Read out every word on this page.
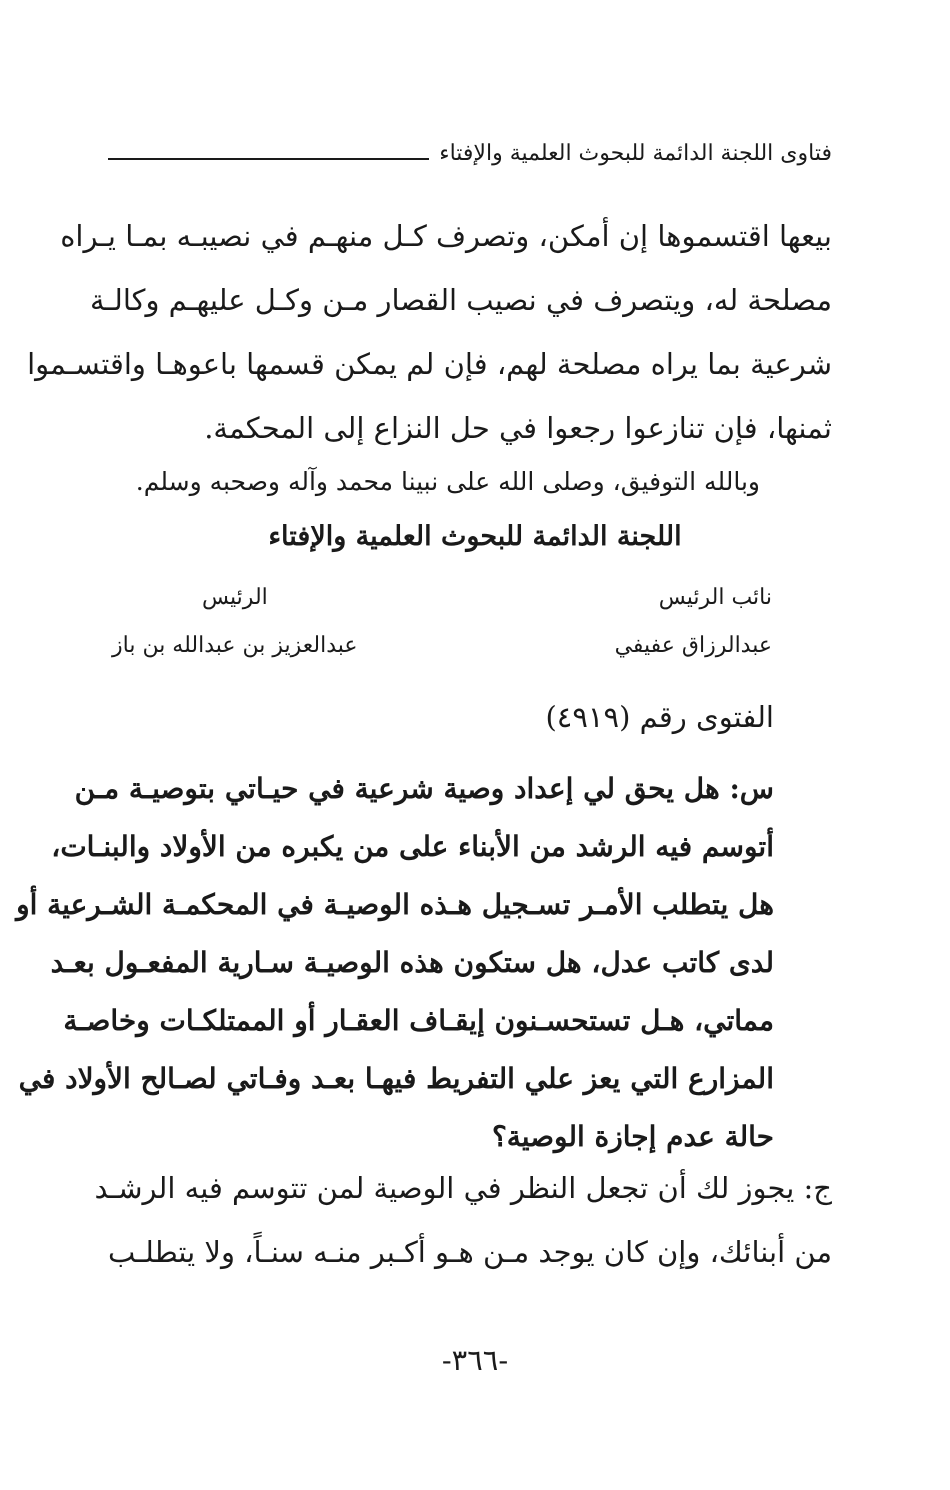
فتاوى اللجنة الدائمة للبحوث العلمية والإفتاء
بيعها اقتسموها إن أمكن، وتصرف كـل منهـم في نصيبـه بمـا يـراه
مصلحة له، ويتصرف في نصيب القصار مـن وكـل عليهـم وكالـة
شرعية بما يراه مصلحة لهم، فإن لم يمكن قسمها باعوهـا واقتسـموا
ثمنها، فإن تنازعوا رجعوا في حل النزاع إلى المحكمة.
وبالله التوفيق، وصلى الله على نبينا محمد وآله وصحبه وسلم.
اللجنة الدائمة للبحوث العلمية والإفتاء
نائب الرئيس
عبدالرزاق عفيفي
الرئيس
عبدالعزيز بن عبدالله بن باز
الفتوى رقم (٤٩١٩)
س: هل يحق لي إعداد وصية شرعية في حيـاتي بتوصيـة مـن
أتوسم فيه الرشد من الأبناء على من يكبره من الأولاد والبنـات،
هل يتطلب الأمـر تسـجيل هـذه الوصيـة في المحكمـة الشـرعية أو
لدى كاتب عدل، هل ستكون هذه الوصيـة سـارية المفعـول بعـد
مماتي، هـل تستحسـنون إيقـاف العقـار أو الممتلكـات وخاصـة
المزارع التي يعز علي التفريط فيهـا بعـد وفـاتي لصـالح الأولاد في
حالة عدم إجازة الوصية؟
ج: يجوز لك أن تجعل النظر في الوصية لمن تتوسم فيه الرشـد
من أبنائك، وإن كان يوجد مـن هـو أكـبر منـه سنـاً، ولا يتطلـب
-٣٦٦-
